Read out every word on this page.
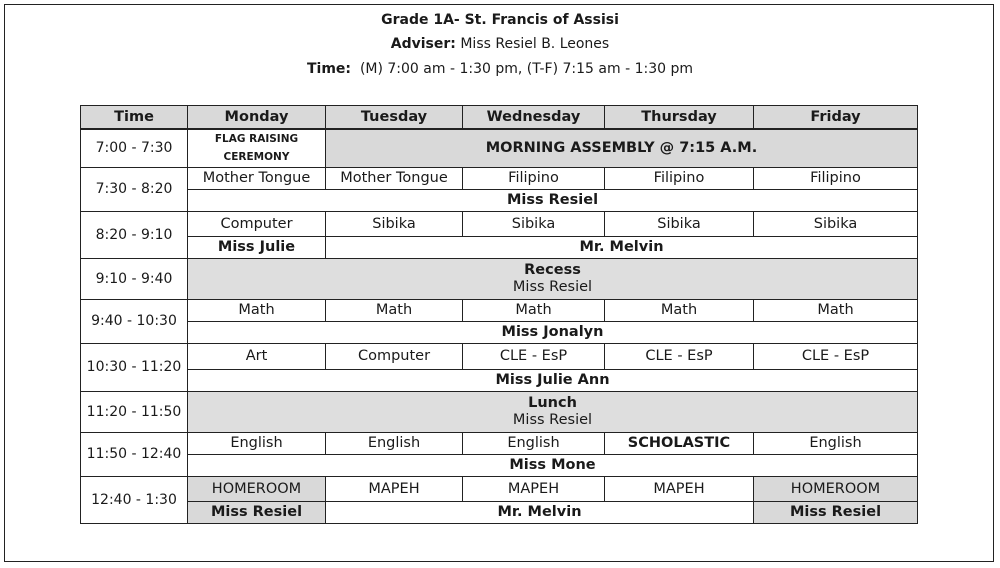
Grade 1A- St. Francis of Assisi
Adviser: Miss Resiel B. Leones
Time: (M) 7:00 am - 1:30 pm, (T-F) 7:15 am - 1:30 pm
Time	Monday	Tuesday	Wednesday	Thursday	Friday
7:00 - 7:30	FLAG RAISING CEREMONY	MORNING ASSEMBLY @ 7:15 A.M.			
7:30 - 8:20	Mother Tongue	Mother Tongue	Filipino	Filipino	Filipino
	Miss Resiel				
8:20 - 9:10	Computer	Sibika	Sibika	Sibika	Sibika
	Miss Julie	Mr. Melvin			
9:10 - 9:40	Recess
Miss Resiel				

9:40 - 10:30	Math	Math	Math	Math	Math
	Miss Jonalyn				
10:30 - 11:20	Art	Computer	CLE - EsP	CLE - EsP	CLE - EsP
	Miss Julie Ann				
11:20 - 11:50	Lunch
Miss Resiel				

11:50 - 12:40	English	English	English	SCHOLASTIC	English
	Miss Mone				
12:40 - 1:30	HOMEROOM	MAPEH	MAPEH	MAPEH	HOMEROOM
	Miss Resiel	Mr. Melvin			Miss Resiel
